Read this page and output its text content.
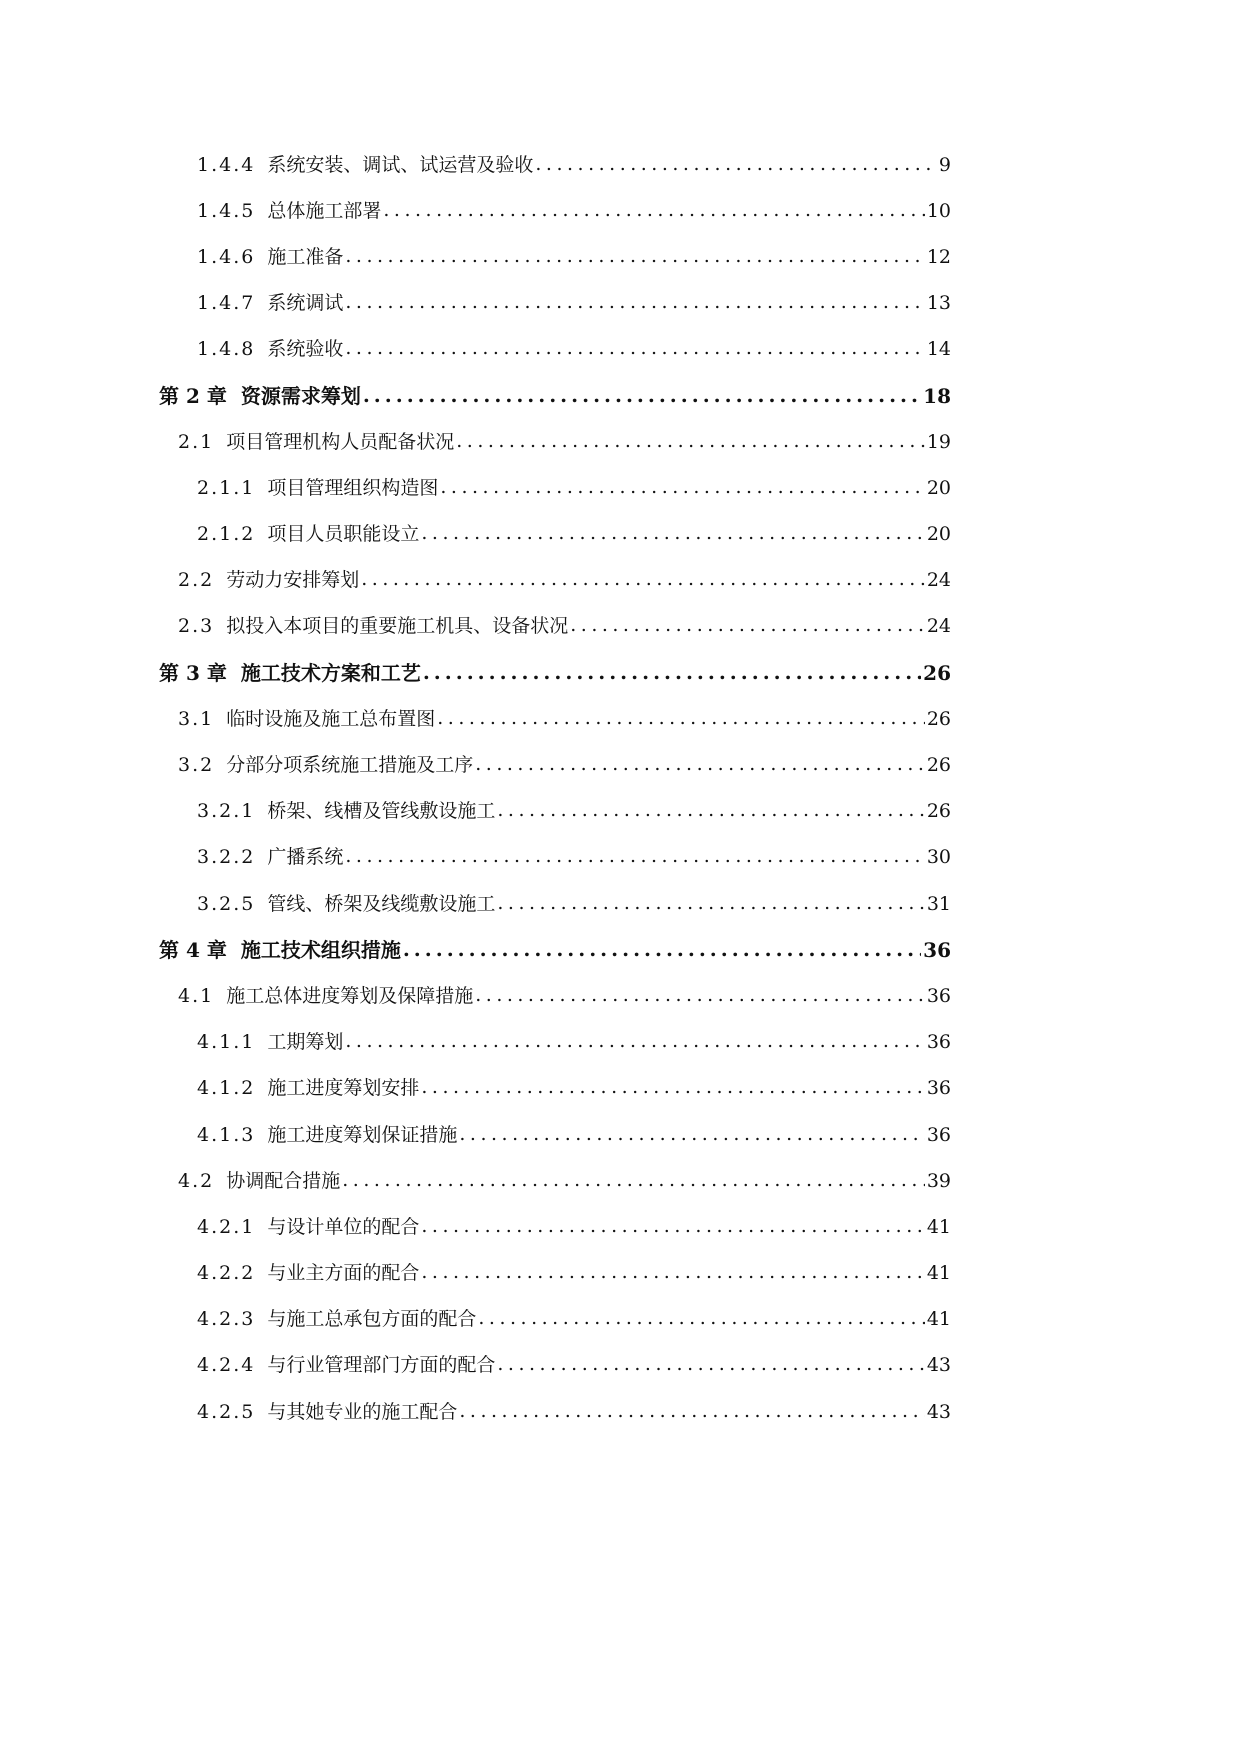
1.4.4 系统安装、调试、试运营及验收 .....	9
1.4.5 总体施工部署 .....	10
1.4.6 施工准备 .....	12
1.4.7 系统调试 .....	13
1.4.8 系统验收 .....	14
第 2 章 资源需求筹划 .....	18
2.1 项目管理机构人员配备状况 .....	19
2.1.1 项目管理组织构造图 .....	20
2.1.2 项目人员职能设立 .....	20
2.2 劳动力安排筹划 .....	24
2.3 拟投入本项目的重要施工机具、设备状况 .....	24
第 3 章 施工技术方案和工艺 .....	26
3.1 临时设施及施工总布置图 .....	26
3.2 分部分项系统施工措施及工序 .....	26
3.2.1 桥架、线槽及管线敷设施工 .....	26
3.2.2 广播系统 .....	30
3.2.5 管线、桥架及线缆敷设施工 .....	31
第 4 章 施工技术组织措施 .....	36
4.1 施工总体进度筹划及保障措施 .....	36
4.1.1 工期筹划 .....	36
4.1.2 施工进度筹划安排 .....	36
4.1.3 施工进度筹划保证措施 .....	36
4.2 协调配合措施 .....	39
4.2.1 与设计单位的配合 .....	41
4.2.2 与业主方面的配合 .....	41
4.2.3 与施工总承包方面的配合 .....	41
4.2.4 与行业管理部门方面的配合 .....	43
4.2.5 与其她专业的施工配合 .....	43
